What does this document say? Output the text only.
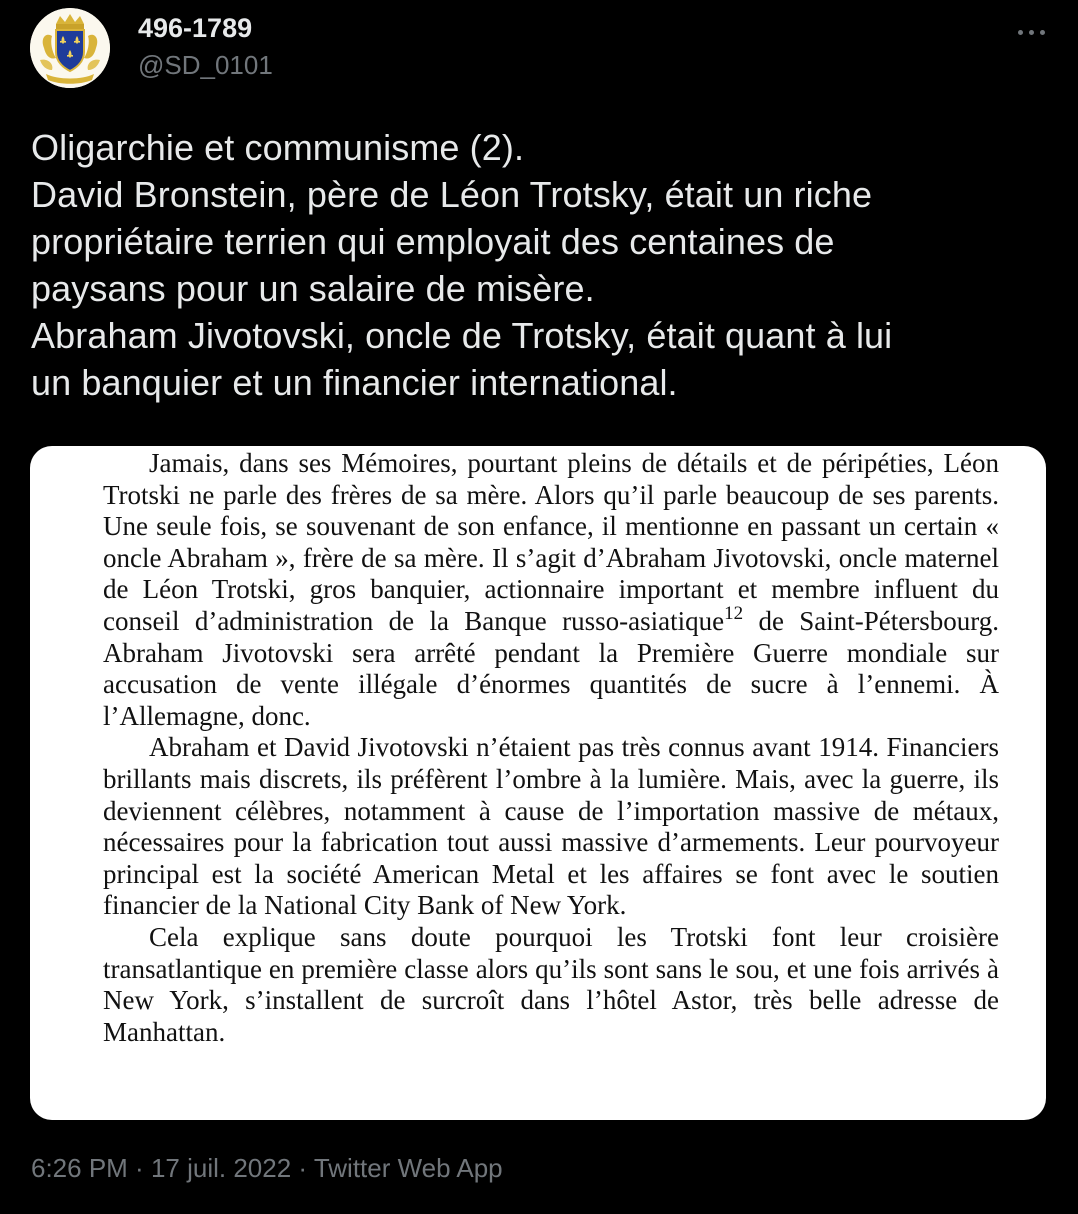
496-1789
@SD_0101
Oligarchie et communisme (2).
David Bronstein, père de Léon Trotsky, était un riche
propriétaire terrien qui employait des centaines de
paysans pour un salaire de misère.
Abraham Jivotovski, oncle de Trotsky, était quant à lui
un banquier et un financier international.

Jamais, dans ses Mémoires, pourtant pleins de détails et de péripéties, Léon Trotski ne parle des frères de sa mère. Alors qu’il parle beaucoup de ses parents. Une seule fois, se souvenant de son enfance, il mentionne en passant un certain « oncle Abraham », frère de sa mère. Il s’agit d’Abraham Jivotovski, oncle maternel de Léon Trotski, gros banquier, actionnaire important et membre influent du conseil d’administration de la Banque russo-asiatique$^{12}$ de Saint-Pétersbourg. Abraham Jivotovski sera arrêté pendant la Première Guerre mondiale sur accusation de vente illégale d’énormes quantités de sucre à l’ennemi. À l’Allemagne, donc.

Abraham et David Jivotovski n’étaient pas très connus avant 1914. Financiers brillants mais discrets, ils préfèrent l’ombre à la lumière. Mais, avec la guerre, ils deviennent célèbres, notamment à cause de l’importation massive de métaux, nécessaires pour la fabrication tout aussi massive d’armements. Leur pourvoyeur principal est la société American Metal et les affaires se font avec le soutien financier de la National City Bank of New York.

Cela explique sans doute pourquoi les Trotski font leur croisière transatlantique en première classe alors qu’ils sont sans le sou, et une fois arrivés à New York, s’installent de surcroît dans l’hôtel Astor, très belle adresse de Manhattan.

6:26 PM · 17 juil. 2022 · Twitter Web App
